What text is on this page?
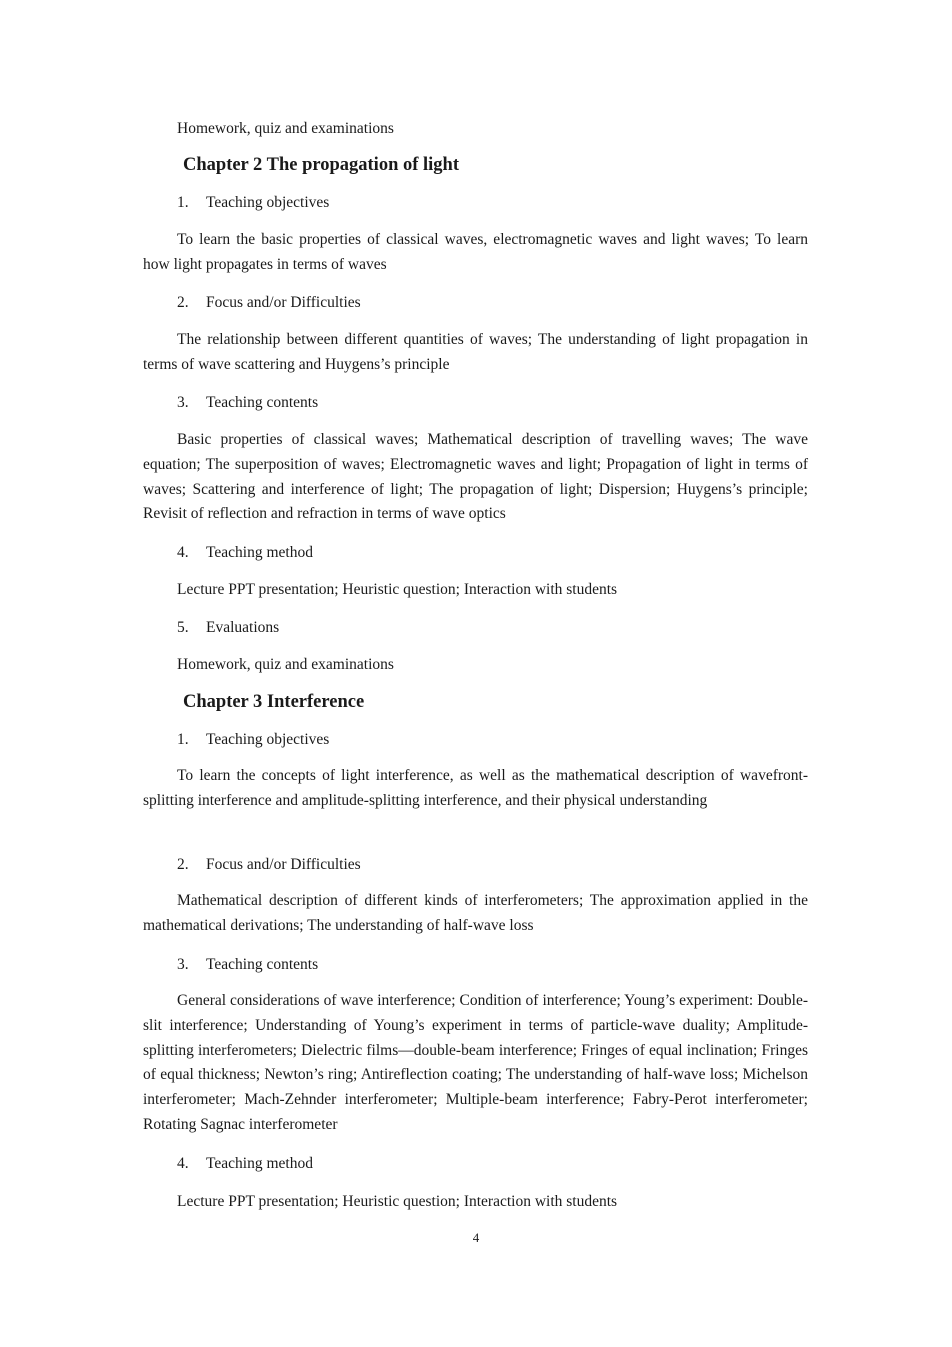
Homework, quiz and examinations
Chapter 2 The propagation of light
1. Teaching objectives
To learn the basic properties of classical waves, electromagnetic waves and light waves; To learn how light propagates in terms of waves
2. Focus and/or Difficulties
The relationship between different quantities of waves; The understanding of light propagation in terms of wave scattering and Huygens’s principle
3. Teaching contents
Basic properties of classical waves; Mathematical description of travelling waves; The wave equation; The superposition of waves; Electromagnetic waves and light; Propagation of light in terms of waves; Scattering and interference of light; The propagation of light; Dispersion; Huygens’s principle; Revisit of reflection and refraction in terms of wave optics
4. Teaching method
Lecture PPT presentation; Heuristic question; Interaction with students
5. Evaluations
Homework, quiz and examinations
Chapter 3 Interference
1. Teaching objectives
To learn the concepts of light interference, as well as the mathematical description of wavefront-splitting interference and amplitude-splitting interference, and their physical understanding
2. Focus and/or Difficulties
Mathematical description of different kinds of interferometers; The approximation applied in the mathematical derivations; The understanding of half-wave loss
3. Teaching contents
General considerations of wave interference; Condition of interference; Young’s experiment: Double-slit interference; Understanding of Young’s experiment in terms of particle-wave duality; Amplitude-splitting interferometers; Dielectric films—double-beam interference; Fringes of equal inclination; Fringes of equal thickness; Newton’s ring; Antireflection coating; The understanding of half-wave loss; Michelson interferometer; Mach-Zehnder interferometer; Multiple-beam interference; Fabry-Perot interferometer; Rotating Sagnac interferometer
4. Teaching method
Lecture PPT presentation; Heuristic question; Interaction with students
4
